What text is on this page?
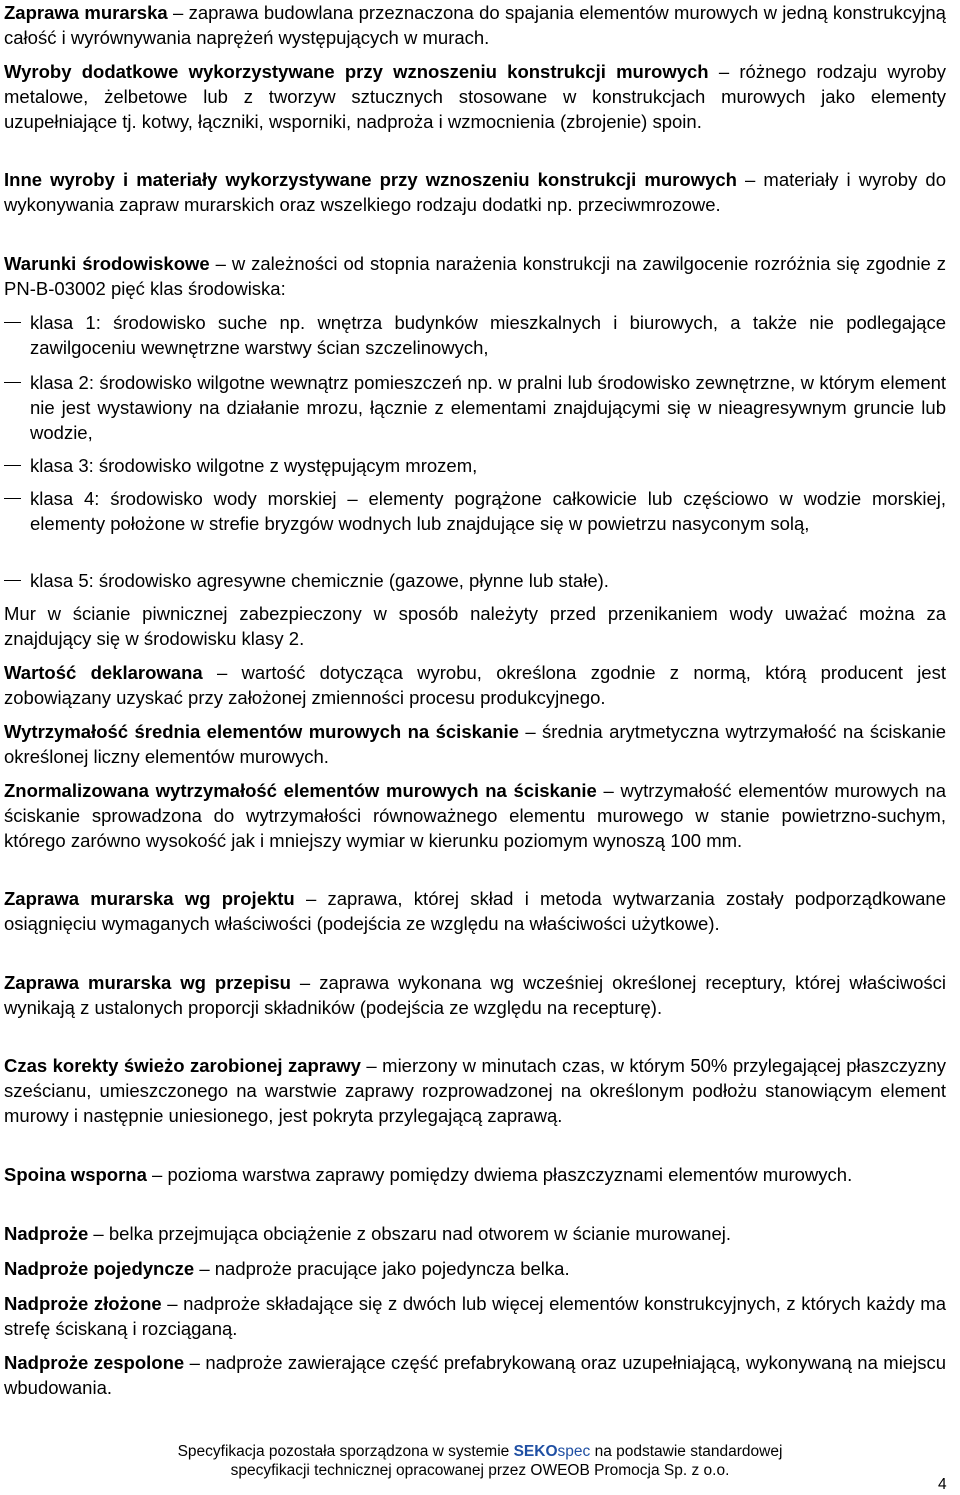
Zaprawa murarska – zaprawa budowlana przeznaczona do spajania elementów murowych w jedną konstrukcyjną całość i wyrównywania naprężeń występujących w murach.

Wyroby dodatkowe wykorzystywane przy wznoszeniu konstrukcji murowych – różnego rodzaju wyroby metalowe, żelbetowe lub z tworzyw sztucznych stosowane w konstrukcjach murowych jako elementy uzupełniające tj. kotwy, łączniki, wsporniki, nadproża i wzmocnienia (zbrojenie) spoin.

Inne wyroby i materiały wykorzystywane przy wznoszeniu konstrukcji murowych – materiały i wyroby do wykonywania zapraw murarskich oraz wszelkiego rodzaju dodatki np. przeciwmrozowe.

Warunki środowiskowe – w zależności od stopnia narażenia konstrukcji na zawilgocenie rozróżnia się zgodnie z PN-B-03002 pięć klas środowiska:

klasa 1: środowisko suche np. wnętrza budynków mieszkalnych i biurowych, a także nie podlegające zawilgoceniu wewnętrzne warstwy ścian szczelinowych,
klasa 2: środowisko wilgotne wewnątrz pomieszczeń np. w pralni lub środowisko zewnętrzne, w którym element nie jest wystawiony na działanie mrozu, łącznie z elementami znajdującymi się w nieagresywnym gruncie lub wodzie,
klasa 3: środowisko wilgotne z występującym mrozem,
klasa 4: środowisko wody morskiej – elementy pogrążone całkowicie lub częściowo w wodzie morskiej, elementy położone w strefie bryzgów wodnych lub znajdujące się w powietrzu nasyconym solą,
klasa 5: środowisko agresywne chemicznie (gazowe, płynne lub stałe).

Mur w ścianie piwnicznej zabezpieczony w sposób należyty przed przenikaniem wody uważać można za znajdujący się w środowisku klasy 2.

Wartość deklarowana – wartość dotycząca wyrobu, określona zgodnie z normą, którą producent jest zobowiązany uzyskać przy założonej zmienności procesu produkcyjnego.

Wytrzymałość średnia elementów murowych na ściskanie – średnia arytmetyczna wytrzymałość na ściskanie określonej liczny elementów murowych.

Znormalizowana wytrzymałość elementów murowych na ściskanie – wytrzymałość elementów murowych na ściskanie sprowadzona do wytrzymałości równoważnego elementu murowego w stanie powietrzno-suchym, którego zarówno wysokość jak i mniejszy wymiar w kierunku poziomym wynoszą 100 mm.

Zaprawa murarska wg projektu – zaprawa, której skład i metoda wytwarzania zostały podporządkowane osiągnięciu wymaganych właściwości (podejścia ze względu na właściwości użytkowe).

Zaprawa murarska wg przepisu – zaprawa wykonana wg wcześniej określonej receptury, której właściwości wynikają z ustalonych proporcji składników (podejścia ze względu na recepturę).

Czas korekty świeżo zarobionej zaprawy – mierzony w minutach czas, w którym 50% przylegającej płaszczyzny sześcianu, umieszczonego na warstwie zaprawy rozprowadzonej na określonym podłożu stanowiącym element murowy i następnie uniesionego, jest pokryta przylegającą zaprawą.

Spoina wsporna – pozioma warstwa zaprawy pomiędzy dwiema płaszczyznami elementów murowych.

Nadproże – belka przejmująca obciążenie z obszaru nad otworem w ścianie murowanej.

Nadproże pojedyncze – nadproże pracujące jako pojedyncza belka.

Nadproże złożone – nadproże składające się z dwóch lub więcej elementów konstrukcyjnych, z których każdy ma strefę ściskaną i rozciąganą.

Nadproże zespolone – nadproże zawierające część prefabrykowaną oraz uzupełniającą, wykonywaną na miejscu wbudowania.

Specyfikacja pozostała sporządzona w systemie SEKOspec na podstawie standardowej
specyfikacji technicznej opracowanej przez OWEOB Promocja Sp. z o.o.
4
